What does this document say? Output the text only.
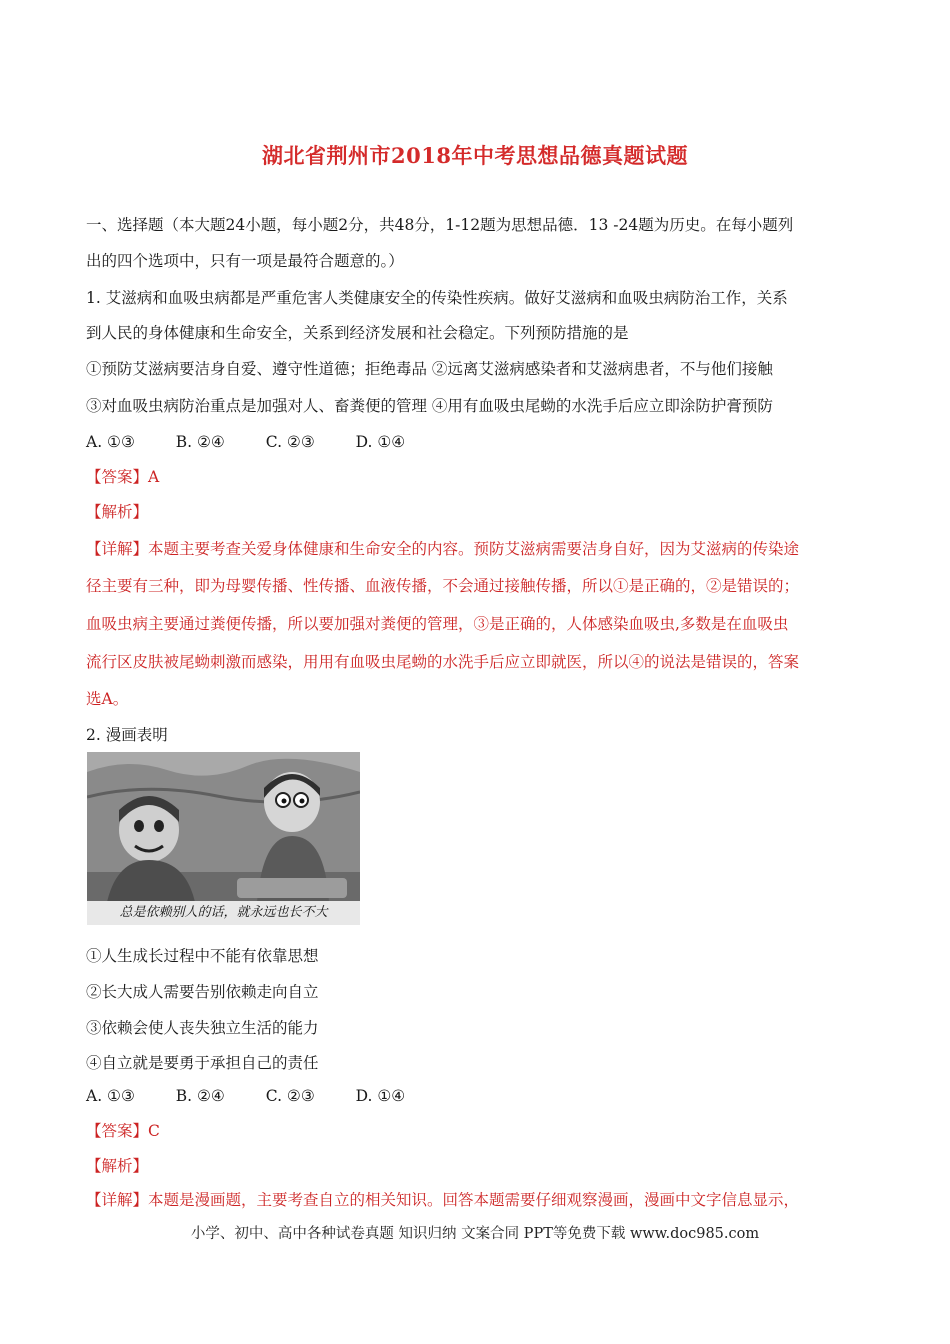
湖北省荆州市2018年中考思想品德真题试题
一、选择题（本大题24小题，每小题2分，共48分，1-12题为思想品德．13 -24题为历史。在每小题列
出的四个选项中，只有一项是最符合题意的。）
1. 艾滋病和血吸虫病都是严重危害人类健康安全的传染性疾病。做好艾滋病和血吸虫病防治工作，关系
到人民的身体健康和生命安全，关系到经济发展和社会稳定。下列预防措施的是
①预防艾滋病要洁身自爱、遵守性道德；拒绝毒品 ②远离艾滋病感染者和艾滋病患者，不与他们接触
③对血吸虫病防治重点是加强对人、畜粪便的管理 ④用有血吸虫尾蚴的水洗手后应立即涂防护膏预防
A. ①③	B. ②④	C. ②③	D. ①④
【答案】A
【解析】
【详解】本题主要考查关爱身体健康和生命安全的内容。预防艾滋病需要洁身自好，因为艾滋病的传染途
径主要有三种，即为母婴传播、性传播、血液传播，不会通过接触传播，所以①是正确的，②是错误的；
血吸虫病主要通过粪便传播，所以要加强对粪便的管理，③是正确的，人体感染血吸虫,多数是在血吸虫
流行区皮肤被尾蚴刺激而感染，用用有血吸虫尾蚴的水洗手后应立即就医，所以④的说法是错误的，答案
选A。
2. 漫画表明
总是依赖别人的话，就永远也长不大
①人生成长过程中不能有依靠思想
②长大成人需要告别依赖走向自立
③依赖会使人丧失独立生活的能力
④自立就是要勇于承担自己的责任
A. ①③	B. ②④	C. ②③	D. ①④
【答案】C
【解析】
【详解】本题是漫画题，主要考查自立的相关知识。回答本题需要仔细观察漫画，漫画中文字信息显示，
小学、初中、高中各种试卷真题 知识归纳 文案合同 PPT等免费下载 www.doc985.com
